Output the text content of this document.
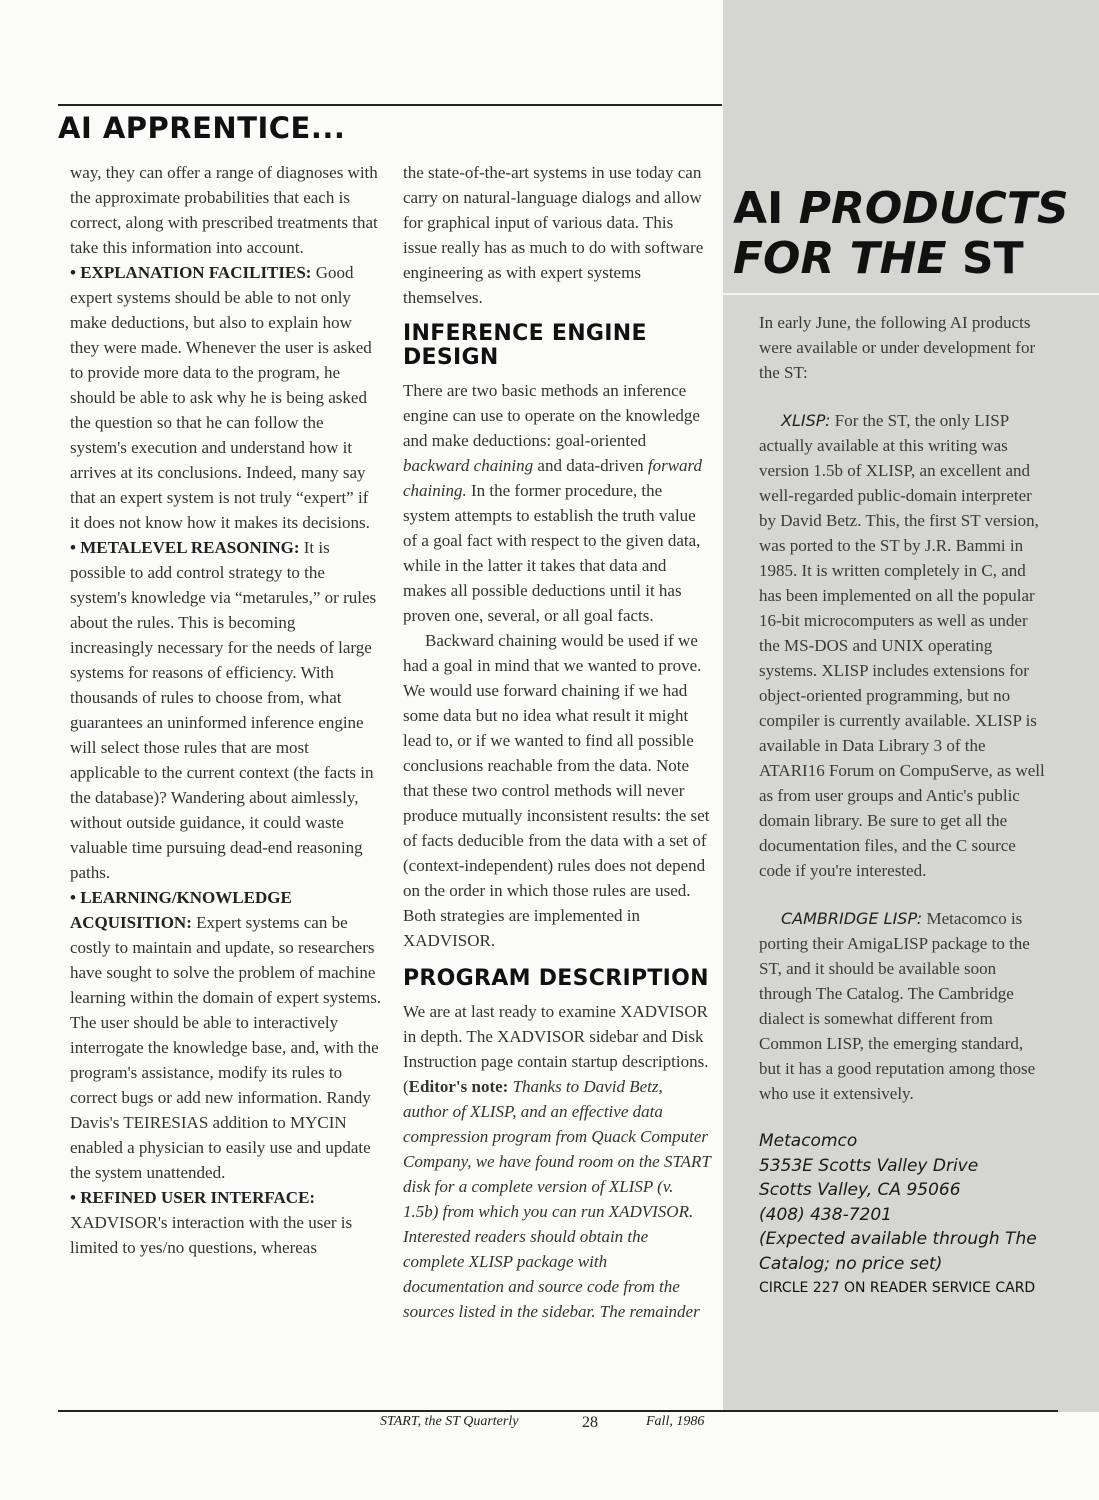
AI APPRENTICE...

way, they can offer a range of diagnoses with the approximate probabilities that each is correct, along with prescribed treatments that take this information into account.

• EXPLANATION FACILITIES: Good expert systems should be able to not only make deductions, but also to explain how they were made. Whenever the user is asked to provide more data to the program, he should be able to ask why he is being asked the question so that he can follow the system's execution and understand how it arrives at its conclusions. Indeed, many say that an expert system is not truly “expert” if it does not know how it makes its decisions.

• METALEVEL REASONING: It is possible to add control strategy to the system's knowledge via “metarules,” or rules about the rules. This is becoming increasingly necessary for the needs of large systems for reasons of efficiency. With thousands of rules to choose from, what guarantees an uninformed inference engine will select those rules that are most applicable to the current context (the facts in the database)? Wandering about aimlessly, without outside guidance, it could waste valuable time pursuing dead-end reasoning paths.

• LEARNING/KNOWLEDGE ACQUISITION: Expert systems can be costly to maintain and update, so researchers have sought to solve the problem of machine learning within the domain of expert systems. The user should be able to interactively interrogate the knowledge base, and, with the program's assistance, modify its rules to correct bugs or add new information. Randy Davis's TEIRESIAS addition to MYCIN enabled a physician to easily use and update the system unattended.

• REFINED USER INTERFACE: XADVISOR's interaction with the user is limited to yes/no questions, whereas

the state-of-the-art systems in use today can carry on natural-language dialogs and allow for graphical input of various data. This issue really has as much to do with software engineering as with expert systems themselves.

INFERENCE ENGINE DESIGN

There are two basic methods an inference engine can use to operate on the knowledge and make deductions: goal-oriented backward chaining and data-driven forward chaining. In the former procedure, the system attempts to establish the truth value of a goal fact with respect to the given data, while in the latter it takes that data and makes all possible deductions until it has proven one, several, or all goal facts.

Backward chaining would be used if we had a goal in mind that we wanted to prove. We would use forward chaining if we had some data but no idea what result it might lead to, or if we wanted to find all possible conclusions reachable from the data. Note that these two control methods will never produce mutually inconsistent results: the set of facts deducible from the data with a set of (context-independent) rules does not depend on the order in which those rules are used. Both strategies are implemented in XADVISOR.

PROGRAM DESCRIPTION

We are at last ready to examine XADVISOR in depth. The XADVISOR sidebar and Disk Instruction page contain startup descriptions. (Editor's note: Thanks to David Betz, author of XLISP, and an effective data compression program from Quack Computer Company, we have found room on the START disk for a complete version of XLISP (v. 1.5b) from which you can run XADVISOR. Interested readers should obtain the complete XLISP package with documentation and source code from the sources listed in the sidebar. The remainder

AI PRODUCTS
FOR THE ST

In early June, the following AI products were available or under development for the ST:

XLISP: For the ST, the only LISP actually available at this writing was version 1.5b of XLISP, an excellent and well-regarded public-domain interpreter by David Betz. This, the first ST version, was ported to the ST by J.R. Bammi in 1985. It is written completely in C, and has been implemented on all the popular 16-bit microcomputers as well as under the MS-DOS and UNIX operating systems. XLISP includes extensions for object-oriented programming, but no compiler is currently available. XLISP is available in Data Library 3 of the ATARI16 Forum on CompuServe, as well as from user groups and Antic's public domain library. Be sure to get all the documentation files, and the C source code if you're interested.

CAMBRIDGE LISP: Metacomco is porting their AmigaLISP package to the ST, and it should be available soon through The Catalog. The Cambridge dialect is somewhat different from Common LISP, the emerging standard, but it has a good reputation among those who use it extensively.

Metacomco
5353E Scotts Valley Drive
Scotts Valley, CA 95066
(408) 438-7201
(Expected available through The
Catalog; no price set)
CIRCLE 227 ON READER SERVICE CARD
START, the ST Quarterly	28	Fall, 1986
